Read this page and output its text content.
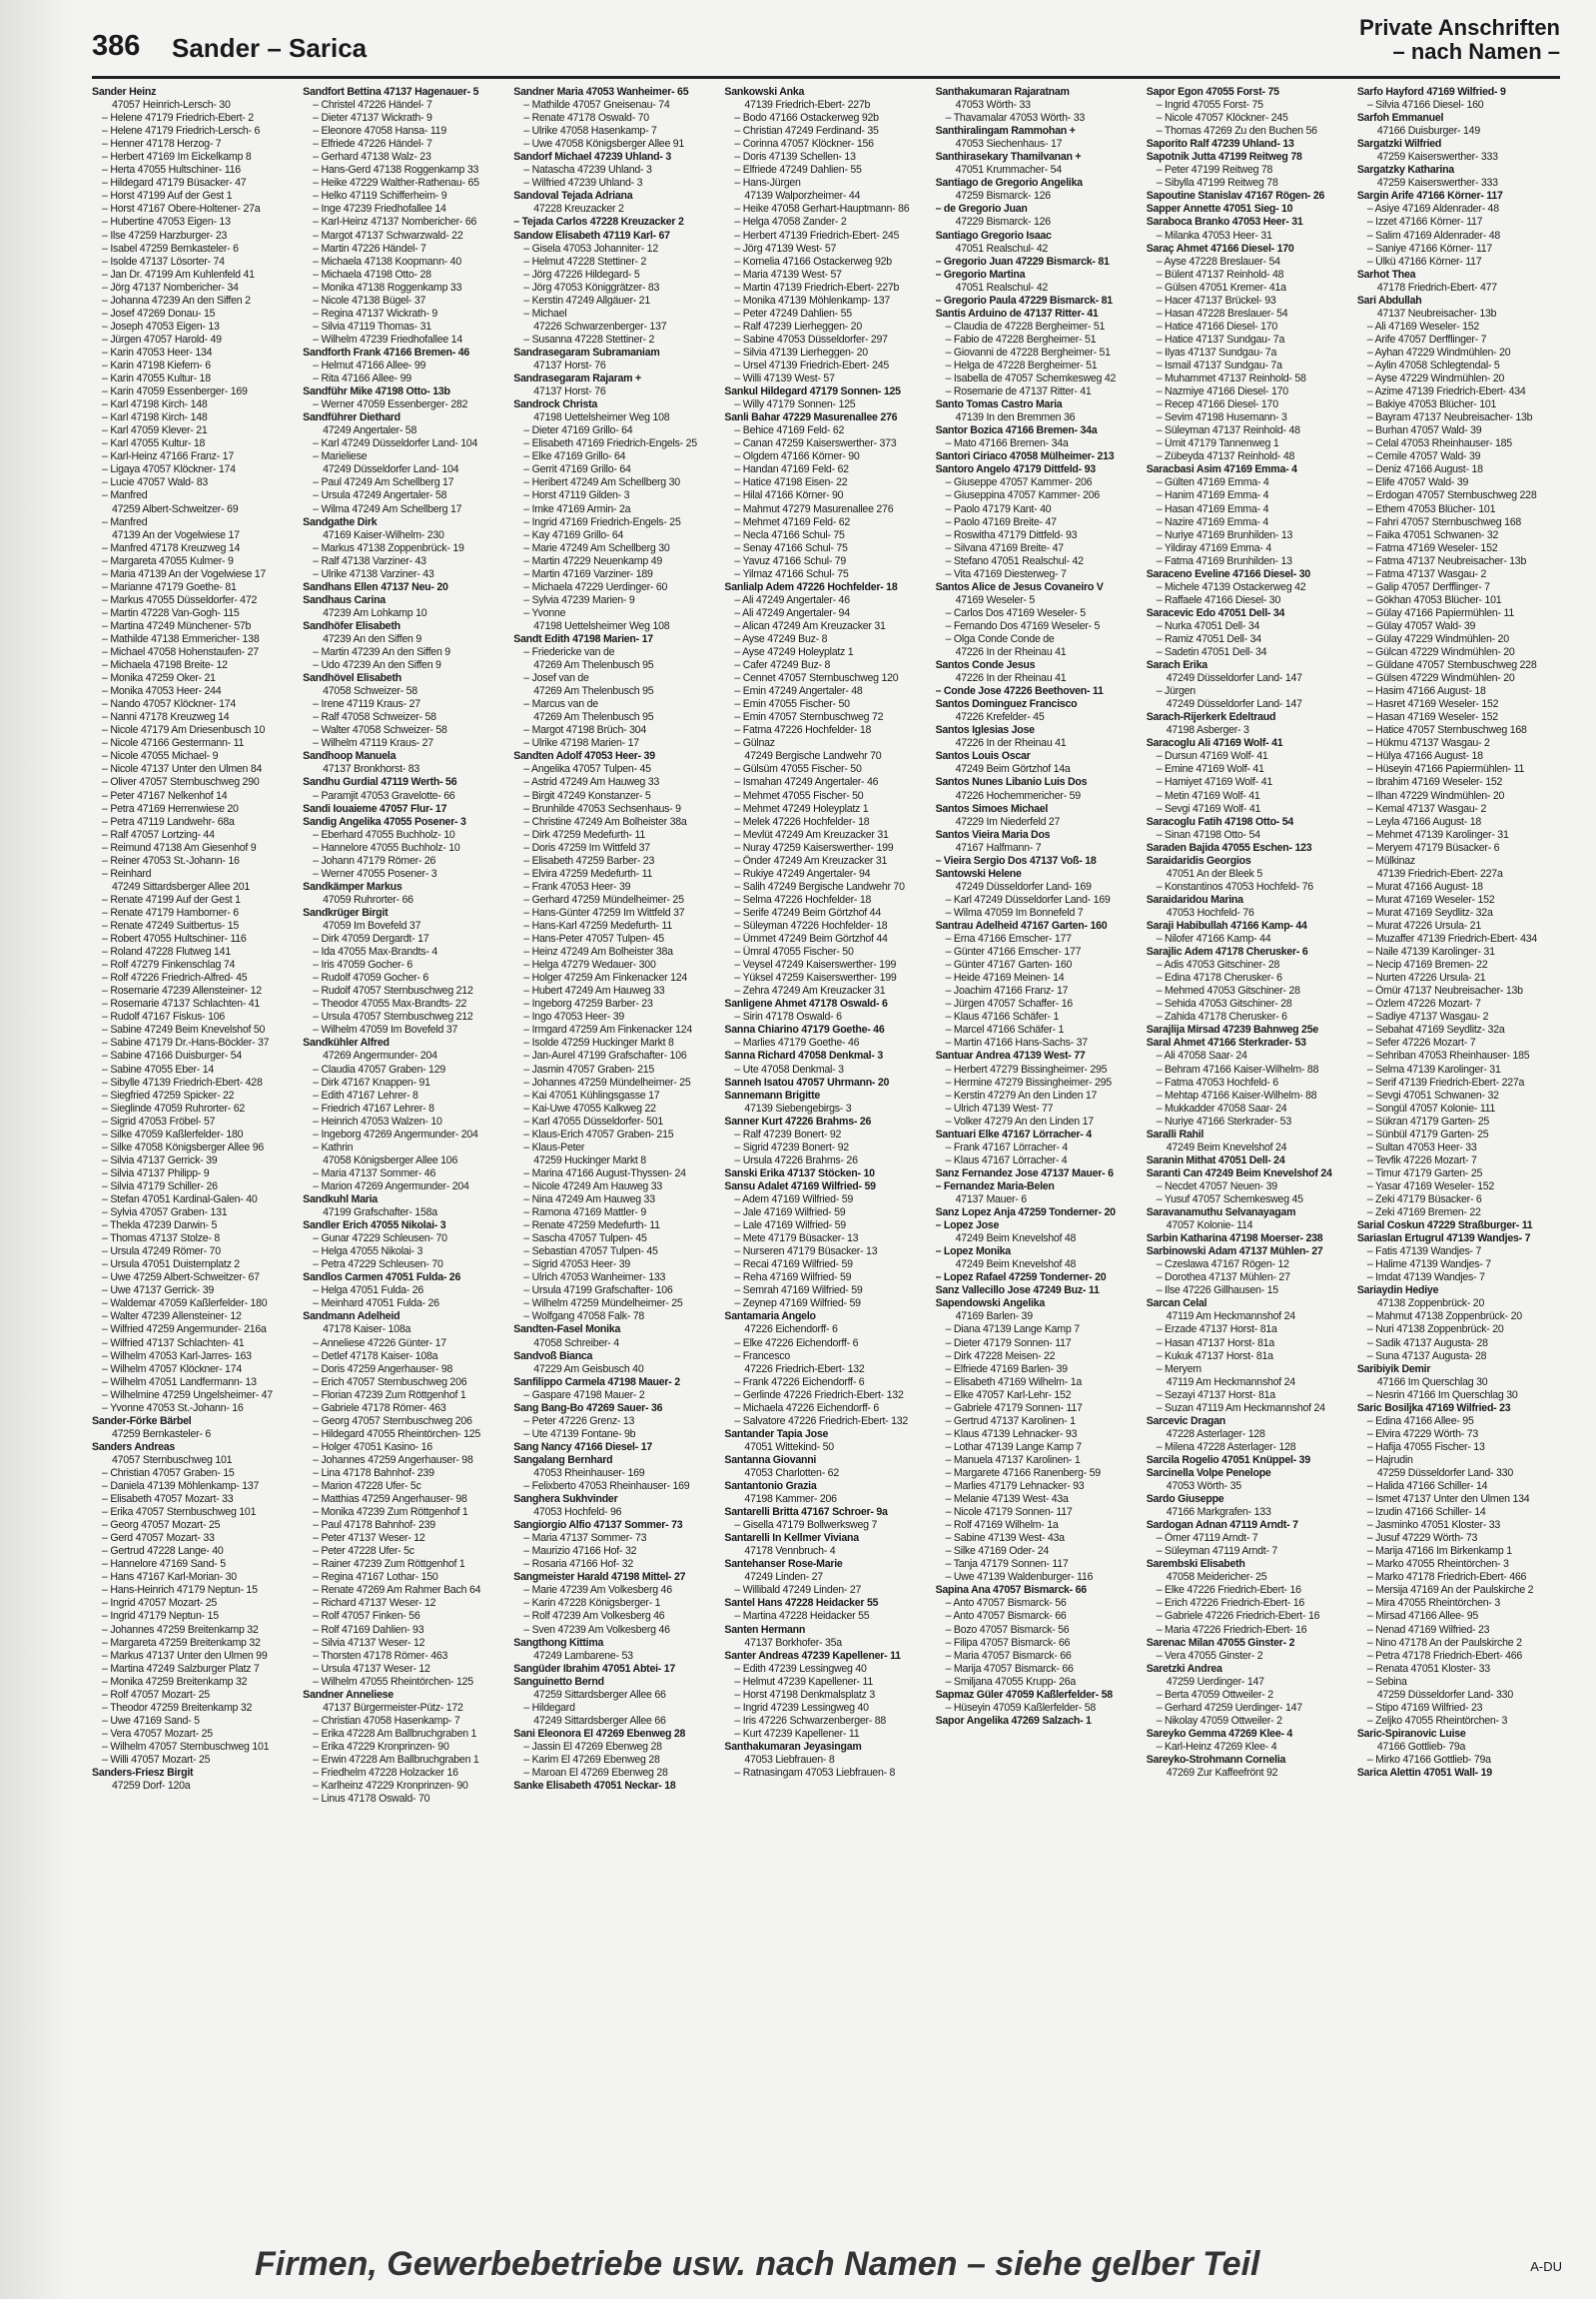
386 Sander – Sarica
Private Anschriften
– nach Namen –
Sander Heinz
47057 Heinrich-Lersch- 30
– Helene 47179 Friedrich-Ebert- 2
– Helene 47179 Friedrich-Lersch- 6
– Henner 47178 Herzog- 7
– Herbert 47169 Im Eickelkamp 8
– Herta 47055 Hultschiner- 116
– Hildegard 47179 Büsacker- 47
– Horst 47199 Auf der Gest 1
– Horst 47167 Obere-Holtener- 27a
– Hubertine 47053 Eigen- 13
– Ilse 47259 Harzburger- 23
– Isabel 47259 Bernkasteler- 6
– Isolde 47137 Lösorter- 74
– Jan Dr. 47199 Am Kuhlenfeld 41
– Jörg 47137 Nombericher- 34
– Johanna 47239 An den Siffen 2
– Josef 47269 Donau- 15
– Joseph 47053 Eigen- 13
– Jürgen 47057 Harold- 49
– Karin 47053 Heer- 134
– Karin 47198 Kiefern- 6
– Karin 47055 Kultur- 18
– Karin 47059 Essenberger- 169
– Karl 47198 Kirch- 148
– Karl 47198 Kirch- 148
– Karl 47059 Klever- 21
– Karl 47055 Kultur- 18
– Karl-Heinz 47166 Franz- 17
– Ligaya 47057 Klöckner- 174
– Lucie 47057 Wald- 83
– Manfred
47259 Albert-Schweitzer- 69
– Manfred
47139 An der Vogelwiese 17
– Manfred 47178 Kreuzweg 14
– Margareta 47055 Kulmer- 9
– Maria 47139 An der Vogelwiese 17
– Marianne 47179 Goethe- 81
– Markus 47055 Düsseldorfer- 472
– Martin 47228 Van-Gogh- 115
– Martina 47249 Münchener- 57b
– Mathilde 47138 Emmericher- 138
– Michael 47058 Hohenstaufen- 27
– Michaela 47198 Breite- 12
– Monika 47259 Oker- 21
– Monika 47053 Heer- 244
– Nando 47057 Klöckner- 174
– Nanni 47178 Kreuzweg 14
– Nicole 47179 Am Driesenbusch 10
– Nicole 47166 Gestermann- 11
– Nicole 47055 Michael- 9
– Nicole 47137 Unter den Ulmen 84
– Oliver 47057 Sternbuschweg 290
– Peter 47167 Nelkenhof 14
– Petra 47169 Herrenwiese 20
– Petra 47119 Landwehr- 68a
– Ralf 47057 Lortzing- 44
– Reimund 47138 Am Giesenhof 9
– Reiner 47053 St.-Johann- 16
– Reinhard
47249 Sittardsberger Allee 201
– Renate 47199 Auf der Gest 1
– Renate 47179 Hamborner- 6
– Renate 47249 Suitbertus- 15
– Robert 47055 Hultschiner- 116
– Roland 47228 Flutweg 141
– Rolf 47279 Finkenschlag 74
– Rolf 47226 Friedrich-Alfred- 45
– Rosemarie 47239 Allensteiner- 12
– Rosemarie 47137 Schlachten- 41
– Rudolf 47167 Fiskus- 106
– Sabine 47249 Beim Knevelshof 50
– Sabine 47179 Dr.-Hans-Böckler- 37
– Sabine 47166 Duisburger- 54
– Sabine 47055 Eber- 14
– Sibylle 47139 Friedrich-Ebert- 428
– Siegfried 47259 Spicker- 22
– Sieglinde 47059 Ruhrorter- 62
– Sigrid 47053 Fröbel- 57
– Silke 47059 Kaßlerfelder- 180
– Silke 47058 Königsberger Allee 96
– Silvia 47137 Gerrick- 39
– Silvia 47137 Philipp- 9
– Silvia 47179 Schiller- 26
– Stefan 47051 Kardinal-Galen- 40
– Sylvia 47057 Graben- 131
– Thekla 47239 Darwin- 5
– Thomas 47137 Stolze- 8
– Ursula 47249 Römer- 70
– Ursula 47051 Duisternplatz 2
– Uwe 47259 Albert-Schweitzer- 67
– Uwe 47137 Gerrick- 39
– Waldemar 47059 Kaßlerfelder- 180
– Walter 47239 Allensteiner- 12
– Wilfried 47259 Angermunder- 216a
– Wilfried 47137 Schlachten- 41
– Wilhelm 47053 Karl-Jarres- 163
– Wilhelm 47057 Klöckner- 174
– Wilhelm 47051 Landfermann- 13
– Wilhelmine 47259 Ungelsheimer- 47
– Yvonne 47053 St.-Johann- 16
Sander-Förke Bärbel
47259 Bernkasteler- 6
Sanders Andreas
47057 Sternbuschweg 101
– Christian 47057 Graben- 15
– Daniela 47139 Möhlenkamp- 137
– Elisabeth 47057 Mozart- 33
– Erika 47057 Sternbuschweg 101
– Georg 47057 Mozart- 25
– Gerd 47057 Mozart- 33
– Gertrud 47228 Lange- 40
– Hannelore 47169 Sand- 5
– Hans 47167 Karl-Morian- 30
– Hans-Heinrich 47179 Neptun- 15
– Ingrid 47057 Mozart- 25
– Ingrid 47179 Neptun- 15
– Johannes 47259 Breitenkamp 32
– Margareta 47259 Breitenkamp 32
– Markus 47137 Unter den Ulmen 99
– Martina 47249 Salzburger Platz 7
– Monika 47259 Breitenkamp 32
– Rolf 47057 Mozart- 25
– Theodor 47259 Breitenkamp 32
– Uwe 47169 Sand- 5
– Vera 47057 Mozart- 25
– Wilhelm 47057 Sternbuschweg 101
– Willi 47057 Mozart- 25
Sanders-Friesz Birgit
47259 Dorf- 120a
Sandfort Bettina 47137 Hagenauer- 5
– Christel 47226 Händel- 7
– Dieter 47137 Wickrath- 9
– Eleonore 47058 Hansa- 119
– Elfriede 47226 Händel- 7
– Gerhard 47138 Walz- 23
– Hans-Gerd 47138 Roggenkamp 33
– Heike 47229 Walther-Rathenau- 65
– Helko 47119 Schifferheim- 9
– Inge 47239 Friedhofallee 14
– Karl-Heinz 47137 Nombericher- 66
– Margot 47137 Schwarzwald- 22
– Martin 47226 Händel- 7
– Michaela 47138 Koopmann- 40
– Michaela 47198 Otto- 28
– Monika 47138 Roggenkamp 33
– Nicole 47138 Bügel- 37
– Regina 47137 Wickrath- 9
– Silvia 47119 Thomas- 31
– Wilhelm 47239 Friedhofallee 14
Sandforth Frank 47166 Bremen- 46
– Helmut 47166 Allee- 99
– Rita 47166 Allee- 99
Sandführ Mike 47198 Otto- 13b
– Werner 47059 Essenberger- 282
Sandführer Diethard
47249 Angertaler- 58
– Karl 47249 Düsseldorfer Land- 104
– Marieliese
47249 Düsseldorfer Land- 104
– Paul 47249 Am Schellberg 17
– Ursula 47249 Angertaler- 58
– Wilma 47249 Am Schellberg 17
Sandgathe Dirk
47169 Kaiser-Wilhelm- 230
– Markus 47138 Zoppenbrück- 19
– Ralf 47138 Varziner- 43
– Ulrike 47138 Varziner- 43
Sandhans Ellen 47137 Neu- 20
Sandhaus Carina
47239 Am Lohkamp 10
Sandhöfer Elisabeth
47239 An den Siffen 9
– Martin 47239 An den Siffen 9
– Udo 47239 An den Siffen 9
Sandhövel Elisabeth
47058 Schweizer- 58
– Irene 47119 Kraus- 27
– Ralf 47058 Schweizer- 58
– Walter 47058 Schweizer- 58
– Wilhelm 47119 Kraus- 27
Sandhoop Manuela
47137 Bronkhorst- 83
Sandhu Gurdial 47119 Werth- 56
– Paramjit 47053 Gravelotte- 66
Sandi Iouaieme 47057 Flur- 17
Sandig Angelika 47055 Posener- 3
– Eberhard 47055 Buchholz- 10
– Hannelore 47055 Buchholz- 10
– Johann 47179 Römer- 26
– Werner 47055 Posener- 3
Sandkämper Markus
47059 Ruhrorter- 66
Sandkrüger Birgit
47059 Im Bovefeld 37
– Dirk 47059 Dergardt- 17
– Ida 47055 Max-Brandts- 4
– Iris 47059 Gocher- 6
– Rudolf 47059 Gocher- 6
– Rudolf 47057 Sternbuschweg 212
– Theodor 47055 Max-Brandts- 22
– Ursula 47057 Sternbuschweg 212
– Wilhelm 47059 Im Bovefeld 37
Sandkühler Alfred
47269 Angermunder- 204
– Claudia 47057 Graben- 129
– Dirk 47167 Knappen- 91
– Edith 47167 Lehrer- 8
– Friedrich 47167 Lehrer- 8
– Heinrich 47053 Walzen- 10
– Ingeborg 47269 Angermunder- 204
– Kathrin
47058 Königsberger Allee 106
– Maria 47137 Sommer- 46
– Marion 47269 Angermunder- 204
Sandkuhl Maria
47199 Grafschafter- 158a
Sandler Erich 47055 Nikolai- 3
– Gunar 47229 Schleusen- 70
– Helga 47055 Nikolai- 3
– Petra 47229 Schleusen- 70
Sandlos Carmen 47051 Fulda- 26
– Helga 47051 Fulda- 26
– Meinhard 47051 Fulda- 26
Sandmann Adelheid
47178 Kaiser- 108a
– Anneliese 47226 Günter- 17
– Detlef 47178 Kaiser- 108a
– Doris 47259 Angerhauser- 98
– Erich 47057 Sternbuschweg 206
– Florian 47239 Zum Röttgenhof 1
– Gabriele 47178 Römer- 463
– Georg 47057 Sternbuschweg 206
– Hildegard 47055 Rheintörchen- 125
– Holger 47051 Kasino- 16
– Johannes 47259 Angerhauser- 98
– Lina 47178 Bahnhof- 239
– Marion 47228 Ufer- 5c
– Matthias 47259 Angerhauser- 98
– Monika 47239 Zum Röttgenhof 1
– Paul 47178 Bahnhof- 239
– Peter 47137 Weser- 12
– Peter 47228 Ufer- 5c
– Rainer 47239 Zum Röttgenhof 1
– Regina 47167 Lothar- 150
– Renate 47269 Am Rahmer Bach 64
– Richard 47137 Weser- 12
– Rolf 47057 Finken- 56
– Rolf 47169 Dahlien- 93
– Silvia 47137 Weser- 12
– Thorsten 47178 Römer- 463
– Ursula 47137 Weser- 12
– Wilhelm 47055 Rheintörchen- 125
Sandner Anneliese
47137 Bürgermeister-Pütz- 172
– Christian 47058 Hasenkamp- 7
– Erika 47228 Am Ballbruchgraben 1
– Erika 47229 Kronprinzen- 90
– Erwin 47228 Am Ballbruchgraben 1
– Friedhelm 47228 Holzacker 16
– Karlheinz 47229 Kronprinzen- 90
– Linus 47178 Oswald- 70
Sandner Maria 47053 Wanheimer- 65
– Mathilde 47057 Gneisenau- 74
– Renate 47178 Oswald- 70
– Ulrike 47058 Hasenkamp- 7
– Uwe 47058 Königsberger Allee 91
Sandorf Michael 47239 Uhland- 3
– Natascha 47239 Uhland- 3
– Wilfried 47239 Uhland- 3
Sandoval Tejada Adriana
47228 Kreuzacker 2
– Tejada Carlos 47228 Kreuzacker 2
Sandow Elisabeth 47119 Karl- 67
– Gisela 47053 Johanniter- 12
– Helmut 47228 Stettiner- 2
– Jörg 47226 Hildegard- 5
– Jörg 47053 Königgrätzer- 83
– Kerstin 47249 Allgäuer- 21
– Michael
47226 Schwarzenberger- 137
– Susanna 47228 Stettiner- 2
Sandrasegaram Subramaniam
47137 Horst- 76
Sandrasegaram Rajaram +
47137 Horst- 76
Sandrock Christa
47198 Uettelsheimer Weg 108
– Dieter 47169 Grillo- 64
– Elisabeth 47169 Friedrich-Engels- 25
– Elke 47169 Grillo- 64
– Gerrit 47169 Grillo- 64
– Heribert 47249 Am Schellberg 30
– Horst 47119 Gilden- 3
– Imke 47169 Armin- 2a
– Ingrid 47169 Friedrich-Engels- 25
– Kay 47169 Grillo- 64
– Marie 47249 Am Schellberg 30
– Martin 47229 Neuenkamp 49
– Martin 47169 Varziner- 189
– Michaela 47229 Uerdinger- 60
– Sylvia 47239 Marien- 9
– Yvonne
47198 Uettelsheimer Weg 108
Sandt Edith 47198 Marien- 17
– Friedericke van de
47269 Am Thelenbusch 95
– Josef van de
47269 Am Thelenbusch 95
– Marcus van de
47269 Am Thelenbusch 95
– Margot 47198 Brüch- 304
– Ulrike 47198 Marien- 17
Sandten Adolf 47053 Heer- 39
– Angelika 47057 Tulpen- 45
– Astrid 47249 Am Hauweg 33
– Birgit 47249 Konstanzer- 5
– Brunhilde 47053 Sechsenhaus- 9
– Christine 47249 Am Bolheister 38a
– Dirk 47259 Medefurth- 11
– Doris 47259 Im Wittfeld 37
– Elisabeth 47259 Barber- 23
– Elvira 47259 Medefurth- 11
– Frank 47053 Heer- 39
– Gerhard 47259 Mündelheimer- 25
– Hans-Günter 47259 Im Wittfeld 37
– Hans-Karl 47259 Medefurth- 11
– Hans-Peter 47057 Tulpen- 45
– Heinz 47249 Am Bolheister 38a
– Helga 47279 Wedauer- 300
– Holger 47259 Am Finkenacker 124
– Hubert 47249 Am Hauweg 33
– Ingeborg 47259 Barber- 23
– Ingo 47053 Heer- 39
– Irmgard 47259 Am Finkenacker 124
– Isolde 47259 Huckinger Markt 8
– Jan-Aurel 47199 Grafschafter- 106
– Jasmin 47057 Graben- 215
– Johannes 47259 Mündelheimer- 25
– Kai 47051 Kühlingsgasse 17
– Kai-Uwe 47055 Kalkweg 22
– Karl 47055 Düsseldorfer- 501
– Klaus-Erich 47057 Graben- 215
– Klaus-Peter
47259 Huckinger Markt 8
– Marina 47166 August-Thyssen- 24
– Nicole 47249 Am Hauweg 33
– Nina 47249 Am Hauweg 33
– Ramona 47169 Mattler- 9
– Renate 47259 Medefurth- 11
– Sascha 47057 Tulpen- 45
– Sebastian 47057 Tulpen- 45
– Sigrid 47053 Heer- 39
– Ulrich 47053 Wanheimer- 133
– Ursula 47199 Grafschafter- 106
– Wilhelm 47259 Mündelheimer- 25
– Wolfgang 47058 Falk- 78
Sandten-Fasel Monika
47058 Schreiber- 4
Sandvoß Bianca
47229 Am Geisbusch 40
Sanfilippo Carmela 47198 Mauer- 2
– Gaspare 47198 Mauer- 2
Sang Bang-Bo 47269 Sauer- 36
– Peter 47226 Grenz- 13
– Ute 47139 Fontane- 9b
Sang Nancy 47166 Diesel- 17
Sangalang Bernhard
47053 Rheinhauser- 169
– Felixberto 47053 Rheinhauser- 169
Sanghera Sukhvinder
47053 Hochfeld- 96
Sangiorgio Alfio 47137 Sommer- 73
– Maria 47137 Sommer- 73
– Maurizio 47166 Hof- 32
– Rosaria 47166 Hof- 32
Sangmeister Harald 47198 Mittel- 27
– Marie 47239 Am Volkesberg 46
– Karin 47228 Königsberger- 1
– Rolf 47239 Am Volkesberg 46
– Sven 47239 Am Volkesberg 46
Sangthong Kittima
47249 Lambarene- 53
Sangüder Ibrahim 47051 Abtei- 17
Sanguinetto Bernd
47259 Sittardsberger Allee 66
– Hildegard
47249 Sittardsberger Allee 66
Sani Eleonora El 47269 Ebenweg 28
– Jassin El 47269 Ebenweg 28
– Karim El 47269 Ebenweg 28
– Maroan El 47269 Ebenweg 28
Sanke Elisabeth 47051 Neckar- 18
Sankowski Anka
47139 Friedrich-Ebert- 227b
– Bodo 47166 Ostackerweg 92b
– Christian 47249 Ferdinand- 35
– Corinna 47057 Klöckner- 156
– Doris 47139 Schellen- 13
– Elfriede 47249 Dahlien- 55
– Hans-Jürgen
47139 Walporzheimer- 44
– Heike 47058 Gerhart-Hauptmann- 86
– Helga 47058 Zander- 2
– Herbert 47139 Friedrich-Ebert- 245
– Jörg 47139 West- 57
– Kornelia 47166 Ostackerweg 92b
– Maria 47139 West- 57
– Martin 47139 Friedrich-Ebert- 227b
– Monika 47139 Möhlenkamp- 137
– Peter 47249 Dahlien- 55
– Ralf 47239 Lierheggen- 20
– Sabine 47053 Düsseldorfer- 297
– Silvia 47139 Lierheggen- 20
– Ursel 47139 Friedrich-Ebert- 245
– Willi 47139 West- 57
Sankul Hildegard 47179 Sonnen- 125
– Willy 47179 Sonnen- 125
Sanli Bahar 47229 Masurenallee 276
– Behice 47169 Feld- 62
– Canan 47259 Kaiserswerther- 373
– Olgdem 47166 Körner- 90
– Handan 47169 Feld- 62
– Hatice 47198 Eisen- 22
– Hilal 47166 Körner- 90
– Mahmut 47279 Masurenallee 276
– Mehmet 47169 Feld- 62
– Necla 47166 Schul- 75
– Senay 47166 Schul- 75
– Yavuz 47166 Schul- 79
– Yilmaz 47166 Schul- 75
Sanlialp Adem 47226 Hochfelder- 18
– Ali 47249 Angertaler- 46
– Ali 47249 Angertaler- 94
– Alican 47249 Am Kreuzacker 31
– Ayse 47249 Buz- 8
– Ayse 47249 Holeyplatz 1
– Cafer 47249 Buz- 8
– Cennet 47057 Sternbuschweg 120
– Emin 47249 Angertaler- 48
– Emin 47055 Fischer- 50
– Emin 47057 Sternbuschweg 72
– Fatma 47226 Hochfelder- 18
– Gülnaz
47249 Bergische Landwehr 70
– Gülsüm 47055 Fischer- 50
– Ismahan 47249 Angertaler- 46
– Mehmet 47055 Fischer- 50
– Mehmet 47249 Holeyplatz 1
– Melek 47226 Hochfelder- 18
– Mevlüt 47249 Am Kreuzacker 31
– Nuray 47259 Kaiserswerther- 199
– Önder 47249 Am Kreuzacker 31
– Rukiye 47249 Angertaler- 94
– Salih 47249 Bergische Landwehr 70
– Selma 47226 Hochfelder- 18
– Serife 47249 Beim Görtzhof 44
– Süleyman 47226 Hochfelder- 18
– Ümmet 47249 Beim Görtzhof 44
– Ümral 47055 Fischer- 50
– Veysel 47249 Kaiserswerther- 199
– Yüksel 47259 Kaiserswerther- 199
– Zehra 47249 Am Kreuzacker 31
Sanligene Ahmet 47178 Oswald- 6
– Sirin 47178 Oswald- 6
Sanna Chiarino 47179 Goethe- 46
– Marlies 47179 Goethe- 46
Sanna Richard 47058 Denkmal- 3
– Ute 47058 Denkmal- 3
Sanneh Isatou 47057 Uhrmann- 20
Sannemann Brigitte
47139 Siebengebirgs- 3
Sanner Kurt 47226 Brahms- 26
– Ralf 47239 Bonert- 92
– Sigrid 47239 Bonert- 92
– Ursula 47226 Brahms- 26
Sanski Erika 47137 Stöcken- 10
Sansu Adalet 47169 Wilfried- 59
– Adem 47169 Wilfried- 59
– Jale 47169 Wilfried- 59
– Lale 47169 Wilfried- 59
– Mete 47179 Büsacker- 13
– Nurseren 47179 Büsacker- 13
– Recai 47169 Wilfried- 59
– Reha 47169 Wilfried- 59
– Semrah 47169 Wilfried- 59
– Zeynep 47169 Wilfried- 59
Santamaria Angelo
47226 Eichendorff- 6
– Elke 47226 Eichendorff- 6
– Francesco
47226 Friedrich-Ebert- 132
– Frank 47226 Eichendorff- 6
– Gerlinde 47226 Friedrich-Ebert- 132
– Michaela 47226 Eichendorff- 6
– Salvatore 47226 Friedrich-Ebert- 132
Santander Tapia Jose
47051 Wittekind- 50
Santanna Giovanni
47053 Charlotten- 62
Santantonio Grazia
47198 Kammer- 206
Santarelli Britta 47167 Schroer- 9a
– Gisella 47179 Bollwerksweg 7
Santarelli In Kellmer Viviana
47178 Vennbruch- 4
Santehanser Rose-Marie
47249 Linden- 27
– Willibald 47249 Linden- 27
Santel Hans 47228 Heidacker 55
– Martina 47228 Heidacker 55
Santen Hermann
47137 Borkhofer- 35a
Santer Andreas 47239 Kapellener- 11
– Edith 47239 Lessingweg 40
– Helmut 47239 Kapellener- 11
– Horst 47198 Denkmalsplatz 3
– Ingrid 47239 Lessingweg 40
– Iris 47226 Schwarzenberger- 88
– Kurt 47239 Kapellener- 11
Santhakumaran Jeyasingam
47053 Liebfrauen- 8
– Ratnasingam 47053 Liebfrauen- 8
Santhakumaran Rajaratnam
47053 Wörth- 33
– Thavamalar 47053 Wörth- 33
Santhiralingam Rammohan +
47053 Siechenhaus- 17
Santhirasekary Thamilvanan +
47051 Krummacher- 54
Santiago de Gregorio Angelika
47259 Bismarck- 126
– de Gregorio Juan
47229 Bismarck- 126
Santiago Gregorio Isaac
47051 Realschul- 42
– Gregorio Juan 47229 Bismarck- 81
– Gregorio Martina
47051 Realschul- 42
– Gregorio Paula 47229 Bismarck- 81
Santis Arduino de 47137 Ritter- 41
– Claudia de 47228 Bergheimer- 51
– Fabio de 47228 Bergheimer- 51
– Giovanni de 47228 Bergheimer- 51
– Helga de 47228 Bergheimer- 51
– Isabella de 47057 Schemkesweg 42
– Rosemarie de 47137 Ritter- 41
Santo Tomas Castro Maria
47139 In den Bremmen 36
Santor Bozica 47166 Bremen- 34a
– Mato 47166 Bremen- 34a
Santori Ciriaco 47058 Mülheimer- 213
Santoro Angelo 47179 Dittfeld- 93
– Giuseppe 47057 Kammer- 206
– Giuseppina 47057 Kammer- 206
– Paolo 47179 Kant- 40
– Paolo 47169 Breite- 47
– Roswitha 47179 Dittfeld- 93
– Silvana 47169 Breite- 47
– Stefano 47051 Realschul- 42
– Vita 47169 Diesterweg- 7
Santos Alice de Jesus Covaneiro V
47169 Weseler- 5
– Carlos Dos 47169 Weseler- 5
– Fernando Dos 47169 Weseler- 5
– Olga Conde Conde de
47226 In der Rheinau 41
Santos Conde Jesus
47226 In der Rheinau 41
– Conde Jose 47226 Beethoven- 11
Santos Dominguez Francisco
47226 Krefelder- 45
Santos Iglesias Jose
47226 In der Rheinau 41
Santos Louis Oscar
47249 Beim Görtzhof 14a
Santos Nunes Libanio Luis Dos
47226 Hochemmericher- 59
Santos Simoes Michael
47229 Im Niederfeld 27
Santos Vieira Maria Dos
47167 Halfmann- 7
– Vieira Sergio Dos 47137 Voß- 18
Santowski Helene
47249 Düsseldorfer Land- 169
– Karl 47249 Düsseldorfer Land- 169
– Wilma 47059 Im Bonnefeld 7
Santrau Adelheid 47167 Garten- 160
– Erna 47166 Emscher- 177
– Günter 47166 Emscher- 177
– Günter 47167 Garten- 160
– Heide 47169 Meinen- 14
– Joachim 47166 Franz- 17
– Jürgen 47057 Schaffer- 16
– Klaus 47166 Schäfer- 1
– Marcel 47166 Schäfer- 1
– Martin 47166 Hans-Sachs- 37
Santuar Andrea 47139 West- 77
– Herbert 47279 Bissingheimer- 295
– Hermine 47279 Bissingheimer- 295
– Kerstin 47279 An den Linden 17
– Ulrich 47139 West- 77
– Volker 47279 An den Linden 17
Santuari Elke 47167 Lörracher- 4
– Frank 47167 Lörracher- 4
– Klaus 47167 Lörracher- 4
Sanz Fernandez Jose 47137 Mauer- 6
– Fernandez Maria-Belen
47137 Mauer- 6
Sanz Lopez Anja 47259 Tonderner- 20
– Lopez Jose
47249 Beim Knevelshof 48
– Lopez Monika
47249 Beim Knevelshof 48
– Lopez Rafael 47259 Tonderner- 20
Sanz Vallecillo Jose 47249 Buz- 11
Sapendowski Angelika
47169 Barlen- 39
– Diana 47139 Lange Kamp 7
– Dieter 47179 Sonnen- 117
– Dirk 47228 Meisen- 22
– Elfriede 47169 Barlen- 39
– Elisabeth 47169 Wilhelm- 1a
– Elke 47057 Karl-Lehr- 152
– Gabriele 47179 Sonnen- 117
– Gertrud 47137 Karolinen- 1
– Klaus 47139 Lehnacker- 93
– Lothar 47139 Lange Kamp 7
– Manuela 47137 Karolinen- 1
– Margarete 47166 Ranenberg- 59
– Marlies 47179 Lehnacker- 93
– Melanie 47139 West- 43a
– Nicole 47179 Sonnen- 117
– Rolf 47169 Wilhelm- 1a
– Sabine 47139 West- 43a
– Silke 47169 Oder- 24
– Tanja 47179 Sonnen- 117
– Uwe 47139 Waldenburger- 116
Sapina Ana 47057 Bismarck- 66
– Anto 47057 Bismarck- 56
– Anto 47057 Bismarck- 66
– Bozo 47057 Bismarck- 56
– Filipa 47057 Bismarck- 66
– Maria 47057 Bismarck- 66
– Marija 47057 Bismarck- 66
– Smiljana 47055 Krupp- 26a
Sapmaz Güler 47059 Kaßlerfelder- 58
– Hüseyin 47059 Kaßlerfelder- 58
Sapor Angelika 47269 Salzach- 1
Sapor Egon 47055 Forst- 75
– Ingrid 47055 Forst- 75
– Nicole 47057 Klöckner- 245
– Thomas 47269 Zu den Buchen 56
Saporito Ralf 47239 Uhland- 13
Sapotnik Jutta 47199 Reitweg 78
– Peter 47199 Reitweg 78
– Sibylla 47199 Reitweg 78
Sapoutine Stanislav 47167 Rögen- 26
Sapper Annette 47051 Sieg- 10
Saraboca Branko 47053 Heer- 31
– Milanka 47053 Heer- 31
Saraç Ahmet 47166 Diesel- 170
– Ayse 47228 Breslauer- 54
– Bülent 47137 Reinhold- 48
– Gülsen 47051 Kremer- 41a
– Hacer 47137 Brückel- 93
– Hasan 47228 Breslauer- 54
– Hatice 47166 Diesel- 170
– Hatice 47137 Sundgau- 7a
– Ilyas 47137 Sundgau- 7a
– Ismail 47137 Sundgau- 7a
– Muhammet 47137 Reinhold- 58
– Nazmiye 47166 Diesel- 170
– Recep 47166 Diesel- 170
– Sevim 47198 Husemann- 3
– Süleyman 47137 Reinhold- 48
– Ümit 47179 Tannenweg 1
– Zübeyda 47137 Reinhold- 48
Saracbasi Asim 47169 Emma- 4
– Gülten 47169 Emma- 4
– Hanim 47169 Emma- 4
– Hasan 47169 Emma- 4
– Nazire 47169 Emma- 4
– Nuriye 47169 Brunhilden- 13
– Yildiray 47169 Emma- 4
– Fatma 47169 Brunhilden- 13
Saraceno Eveline 47166 Diesel- 30
– Michele 47139 Ostackerweg 42
– Raffaele 47166 Diesel- 30
Saracevic Edo 47051 Dell- 34
– Nurka 47051 Dell- 34
– Ramiz 47051 Dell- 34
– Sadetin 47051 Dell- 34
Sarach Erika
47249 Düsseldorfer Land- 147
– Jürgen
47249 Düsseldorfer Land- 147
Sarach-Rijerkerk Edeltraud
47198 Asberger- 3
Saracoglu Ali 47169 Wolf- 41
– Dursun 47169 Wolf- 41
– Emine 47169 Wolf- 41
– Hamiyet 47169 Wolf- 41
– Metin 47169 Wolf- 41
– Sevgi 47169 Wolf- 41
Saracoglu Fatih 47198 Otto- 54
– Sinan 47198 Otto- 54
Saraden Bajida 47055 Eschen- 123
Saraidaridis Georgios
47051 An der Bleek 5
– Konstantinos 47053 Hochfeld- 76
Saraidaridou Marina
47053 Hochfeld- 76
Saraji Habibullah 47166 Kamp- 44
– Nilofer 47166 Kamp- 44
Sarajlic Adem 47178 Cherusker- 6
– Adis 47053 Gitschiner- 28
– Edina 47178 Cherusker- 6
– Mehmed 47053 Gitschiner- 28
– Sehida 47053 Gitschiner- 28
– Zahida 47178 Cherusker- 6
Sarajlija Mirsad 47239 Bahnweg 25e
Saral Ahmet 47166 Sterkrader- 53
– Ali 47058 Saar- 24
– Behram 47166 Kaiser-Wilhelm- 88
– Fatma 47053 Hochfeld- 6
– Mehtap 47166 Kaiser-Wilhelm- 88
– Mukkadder 47058 Saar- 24
– Nuriye 47166 Sterkrader- 53
Saralli Rahil
47249 Beim Knevelshof 24
Saranin Mithat 47051 Dell- 24
Saranti Can 47249 Beim Knevelshof 24
– Necdet 47057 Neuen- 39
– Yusuf 47057 Schemkesweg 45
Saravanamuthu Selvanayagam
47057 Kolonie- 114
Sarbin Katharina 47198 Moerser- 238
Sarbinowski Adam 47137 Mühlen- 27
– Czeslawa 47167 Rögen- 12
– Dorothea 47137 Mühlen- 27
– Ilse 47226 Gillhausen- 15
Sarcan Celal
47119 Am Heckmannshof 24
– Erzade 47137 Horst- 81a
– Hasan 47137 Horst- 81a
– Kukuk 47137 Horst- 81a
– Meryem
47119 Am Heckmannshof 24
– Sezayi 47137 Horst- 81a
– Suzan 47119 Am Heckmannshof 24
Sarcevic Dragan
47228 Asterlager- 128
– Milena 47228 Asterlager- 128
Sarcila Rogelio 47051 Knüppel- 39
Sarcinella Volpe Penelope
47053 Wörth- 35
Sardo Giuseppe
47166 Markgrafen- 133
Sardogan Adnan 47119 Arndt- 7
– Ömer 47119 Arndt- 7
– Süleyman 47119 Arndt- 7
Sarembski Elisabeth
47058 Meidericher- 25
– Elke 47226 Friedrich-Ebert- 16
– Erich 47226 Friedrich-Ebert- 16
– Gabriele 47226 Friedrich-Ebert- 16
– Maria 47226 Friedrich-Ebert- 16
Sarenac Milan 47055 Ginster- 2
– Vera 47055 Ginster- 2
Saretzki Andrea
47259 Uerdinger- 147
– Berta 47059 Ottweiler- 2
– Gerhard 47259 Uerdinger- 147
– Nikolay 47059 Ottweiler- 2
Sareyko Gemma 47269 Klee- 4
– Karl-Heinz 47269 Klee- 4
Sareyko-Strohmann Cornelia
47269 Zur Kaffeefrönt 92
Sarfo Hayford 47169 Wilfried- 9
– Silvia 47166 Diesel- 160
Sarfoh Emmanuel
47166 Duisburger- 149
Sargatzki Wilfried
47259 Kaiserswerther- 333
Sargatzky Katharina
47259 Kaiserswerther- 333
Sargin Arife 47166 Körner- 117
– Asiye 47169 Aldenrader- 48
– Izzet 47166 Körner- 117
– Salim 47169 Aldenrader- 48
– Saniye 47166 Körner- 117
– Ülkü 47166 Körner- 117
Sarhot Thea
47178 Friedrich-Ebert- 477
Sari Abdullah
47137 Neubreisacher- 13b
– Ali 47169 Weseler- 152
– Arife 47057 Derfflinger- 7
– Ayhan 47229 Windmühlen- 20
– Aylin 47058 Schlegtendal- 5
– Ayse 47229 Windmühlen- 20
– Azime 47139 Friedrich-Ebert- 434
– Bakiye 47053 Blücher- 101
– Bayram 47137 Neubreisacher- 13b
– Burhan 47057 Wald- 39
– Celal 47053 Rheinhauser- 185
– Cemile 47057 Wald- 39
– Deniz 47166 August- 18
– Elife 47057 Wald- 39
– Erdogan 47057 Sternbuschweg 228
– Ethem 47053 Blücher- 101
– Fahri 47057 Sternbuschweg 168
– Faika 47051 Schwanen- 32
– Fatma 47169 Weseler- 152
– Fatma 47137 Neubreisacher- 13b
– Fatma 47137 Wasgau- 2
– Galip 47057 Derfflinger- 7
– Gökhan 47053 Blücher- 101
– Gülay 47166 Papiermühlen- 11
– Gülay 47057 Wald- 39
– Gülay 47229 Windmühlen- 20
– Gülcan 47229 Windmühlen- 20
– Güldane 47057 Sternbuschweg 228
– Gülsen 47229 Windmühlen- 20
– Hasim 47166 August- 18
– Hasret 47169 Weseler- 152
– Hasan 47169 Weseler- 152
– Hatice 47057 Sternbuschweg 168
– Hükmu 47137 Wasgau- 2
– Hülya 47166 August- 18
– Hüseyin 47166 Papiermühlen- 11
– Ibrahim 47169 Weseler- 152
– Ilhan 47229 Windmühlen- 20
– Kemal 47137 Wasgau- 2
– Leyla 47166 August- 18
– Mehmet 47139 Karolinger- 31
– Meryem 47179 Büsacker- 6
– Mülkinaz
47139 Friedrich-Ebert- 227a
– Murat 47166 August- 18
– Murat 47169 Weseler- 152
– Murat 47169 Seydlitz- 32a
– Murat 47226 Ursula- 21
– Muzaffer 47139 Friedrich-Ebert- 434
– Naile 47139 Karolinger- 31
– Necip 47169 Bremen- 22
– Nurten 47226 Ursula- 21
– Ömür 47137 Neubreisacher- 13b
– Özlem 47226 Mozart- 7
– Sadiye 47137 Wasgau- 2
– Sebahat 47169 Seydlitz- 32a
– Sefer 47226 Mozart- 7
– Sehriban 47053 Rheinhauser- 185
– Selma 47139 Karolinger- 31
– Serif 47139 Friedrich-Ebert- 227a
– Sevgi 47051 Schwanen- 32
– Songül 47057 Kolonie- 111
– Sükran 47179 Garten- 25
– Sünbül 47179 Garten- 25
– Sultan 47053 Heer- 33
– Tevfik 47226 Mozart- 7
– Timur 47179 Garten- 25
– Yasar 47169 Weseler- 152
– Zeki 47179 Büsacker- 6
– Zeki 47169 Bremen- 22
Sarial Coskun 47229 Straßburger- 11
Sariaslan Ertugrul 47139 Wandjes- 7
– Fatis 47139 Wandjes- 7
– Halime 47139 Wandjes- 7
– Imdat 47139 Wandjes- 7
Sariaydin Hediye
47138 Zoppenbrück- 20
– Mahmut 47138 Zoppenbrück- 20
– Nuri 47138 Zoppenbrück- 20
– Sadik 47137 Augusta- 28
– Suna 47137 Augusta- 28
Saribiyik Demir
47166 Im Querschlag 30
– Nesrin 47166 Im Querschlag 30
Saric Bosiljka 47169 Wilfried- 23
– Edina 47166 Allee- 95
– Elvira 47229 Wörth- 73
– Hafija 47055 Fischer- 13
– Hajrudin
47259 Düsseldorfer Land- 330
– Halida 47166 Schiller- 14
– Ismet 47137 Unter den Ulmen 134
– Izudin 47166 Schiller- 14
– Jasminko 47051 Kloster- 33
– Jusuf 47229 Wörth- 73
– Marija 47166 Im Birkenkamp 1
– Marko 47055 Rheintörchen- 3
– Marko 47178 Friedrich-Ebert- 466
– Mersija 47169 An der Paulskirche 2
– Mira 47055 Rheintörchen- 3
– Mirsad 47166 Allee- 95
– Nenad 47169 Wilfried- 23
– Nino 47178 An der Paulskirche 2
– Petra 47178 Friedrich-Ebert- 466
– Renata 47051 Kloster- 33
– Sebina
47259 Düsseldorfer Land- 330
– Stipo 47169 Wilfried- 23
– Zeljko 47055 Rheintörchen- 3
Saric-Spiranovic Luise
47166 Gottlieb- 79a
– Mirko 47166 Gottlieb- 79a
Sarica Alettin 47051 Wall- 19
Firmen, Gewerbebetriebe usw. nach Namen – siehe gelber Teil	A-DU
